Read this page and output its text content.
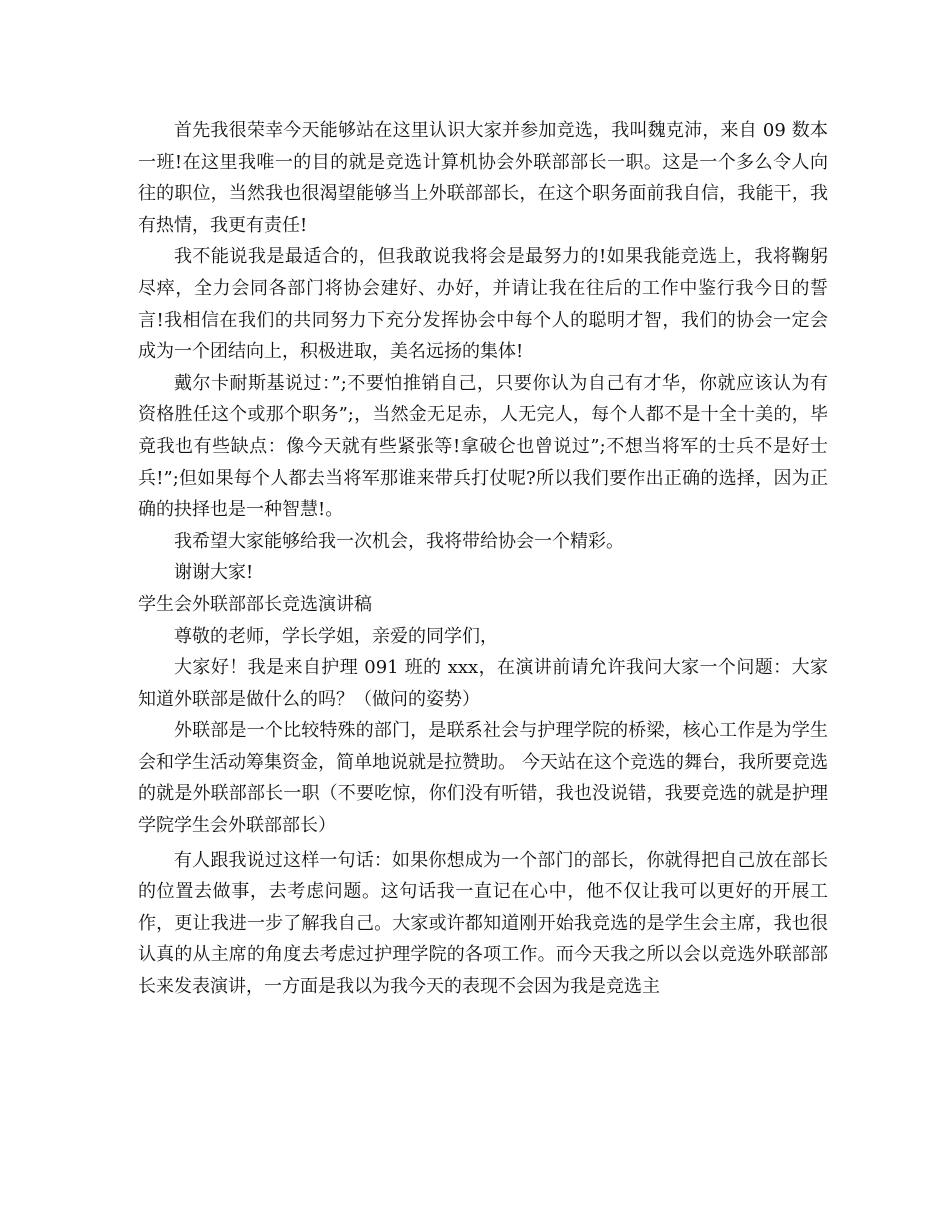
首先我很荣幸今天能够站在这里认识大家并参加竞选，我叫魏克沛，来自 09 数本一班!在这里我唯一的目的就是竞选计算机协会外联部部长一职。这是一个多么令人向往的职位，当然我也很渴望能够当上外联部部长，在这个职务面前我自信，我能干，我有热情，我更有责任!

我不能说我是最适合的，但我敢说我将会是最努力的!如果我能竞选上，我将鞠躬尽瘁，全力会同各部门将协会建好、办好，并请让我在往后的工作中鉴行我今日的誓言!我相信在我们的共同努力下充分发挥协会中每个人的聪明才智，我们的协会一定会成为一个团结向上，积极进取，美名远扬的集体!

戴尔卡耐斯基说过：”;不要怕推销自己，只要你认为自己有才华，你就应该认为有资格胜任这个或那个职务”;，当然金无足赤，人无完人，每个人都不是十全十美的，毕竟我也有些缺点：像今天就有些紧张等!拿破仑也曾说过”;不想当将军的士兵不是好士兵!”;但如果每个人都去当将军那谁来带兵打仗呢?所以我们要作出正确的选择，因为正确的抉择也是一种智慧!。

我希望大家能够给我一次机会，我将带给协会一个精彩。

谢谢大家!

学生会外联部部长竞选演讲稿

尊敬的老师，学长学姐，亲爱的同学们，

大家好！我是来自护理 091 班的 xxx，在演讲前请允许我问大家一个问题：大家知道外联部是做什么的吗？（做问的姿势）

外联部是一个比较特殊的部门，是联系社会与护理学院的桥梁，核心工作是为学生会和学生活动筹集资金，简单地说就是拉赞助。 今天站在这个竞选的舞台，我所要竞选的就是外联部部长一职（不要吃惊，你们没有听错，我也没说错，我要竞选的就是护理学院学生会外联部部长）

有人跟我说过这样一句话：如果你想成为一个部门的部长，你就得把自己放在部长的位置去做事，去考虑问题。这句话我一直记在心中，他不仅让我可以更好的开展工作，更让我进一步了解我自己。大家或许都知道刚开始我竞选的是学生会主席，我也很认真的从主席的角度去考虑过护理学院的各项工作。而今天我之所以会以竞选外联部部长来发表演讲，一方面是我以为我今天的表现不会因为我是竞选主
